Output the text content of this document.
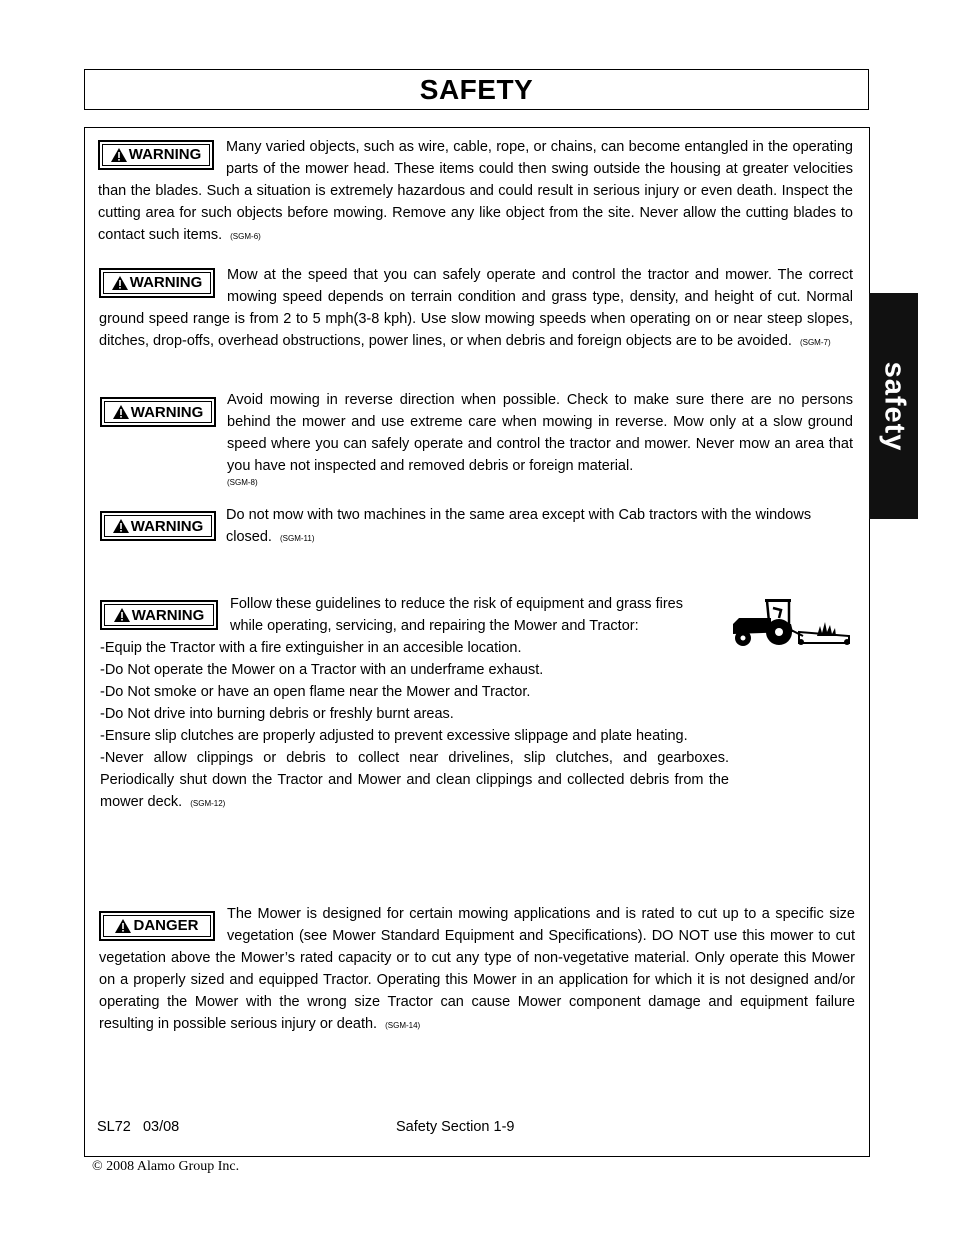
SAFETY
safety
WARNING Many varied objects, such as wire, cable, rope, or chains, can become entangled in the operating parts of the mower head. These items could then swing outside the housing at greater velocities than the blades. Such a situation is extremely hazardous and could result in serious injury or even death. Inspect the cutting area for such objects before mowing. Remove any like object from the site. Never allow the cutting blades to contact such items. (SGM-6)
WARNING Mow at the speed that you can safely operate and control the tractor and mower. The correct mowing speed depends on terrain condition and grass type, density, and height of cut. Normal ground speed range is from 2 to 5 mph(3-8 kph). Use slow mowing speeds when operating on or near steep slopes, ditches, drop-offs, overhead obstructions, power lines, or when debris and foreign objects are to be avoided. (SGM-7)
WARNING
Avoid mowing in reverse direction when possible. Check to make sure there are no persons behind the mower and use extreme care when mowing in reverse. Mow only at a slow ground speed where you can safely operate and control the tractor and mower. Never mow an area that you have not inspected and removed debris or foreign material.
(SGM-8)
WARNING
Do not mow with two machines in the same area except with Cab tractors with the windows closed. (SGM-11)
WARNING
Follow these guidelines to reduce the risk of equipment and grass fires
while operating, servicing, and repairing the Mower and Tractor:
-Equip the Tractor with a fire extinguisher in an accesible location.
-Do Not operate the Mower on a Tractor with an underframe exhaust.
-Do Not smoke or have an open flame near the Mower and Tractor.
-Do Not drive into burning debris or freshly burnt areas.
-Ensure slip clutches are properly adjusted to prevent excessive slippage and plate heating.
-Never allow clippings or debris to collect near drivelines, slip clutches, and gearboxes. Periodically shut down the Tractor and Mower and clean clippings and collected debris from the mower deck. (SGM-12)
DANGER
The Mower is designed for certain mowing applications and is rated to cut up to a specific size vegetation (see Mower Standard Equipment and Specifications). DO NOT use this mower to cut vegetation above the Mower’s rated capacity or to cut any type of non-vegetative material. Only operate this Mower on a properly sized and equipped Tractor. Operating this Mower in an application for which it is not designed and/or operating the Mower with the wrong size Tractor can cause Mower component damage and equipment failure resulting in possible serious injury or death. (SGM-14)
SL72   03/08	Safety Section 1-9
© 2008 Alamo Group Inc.
